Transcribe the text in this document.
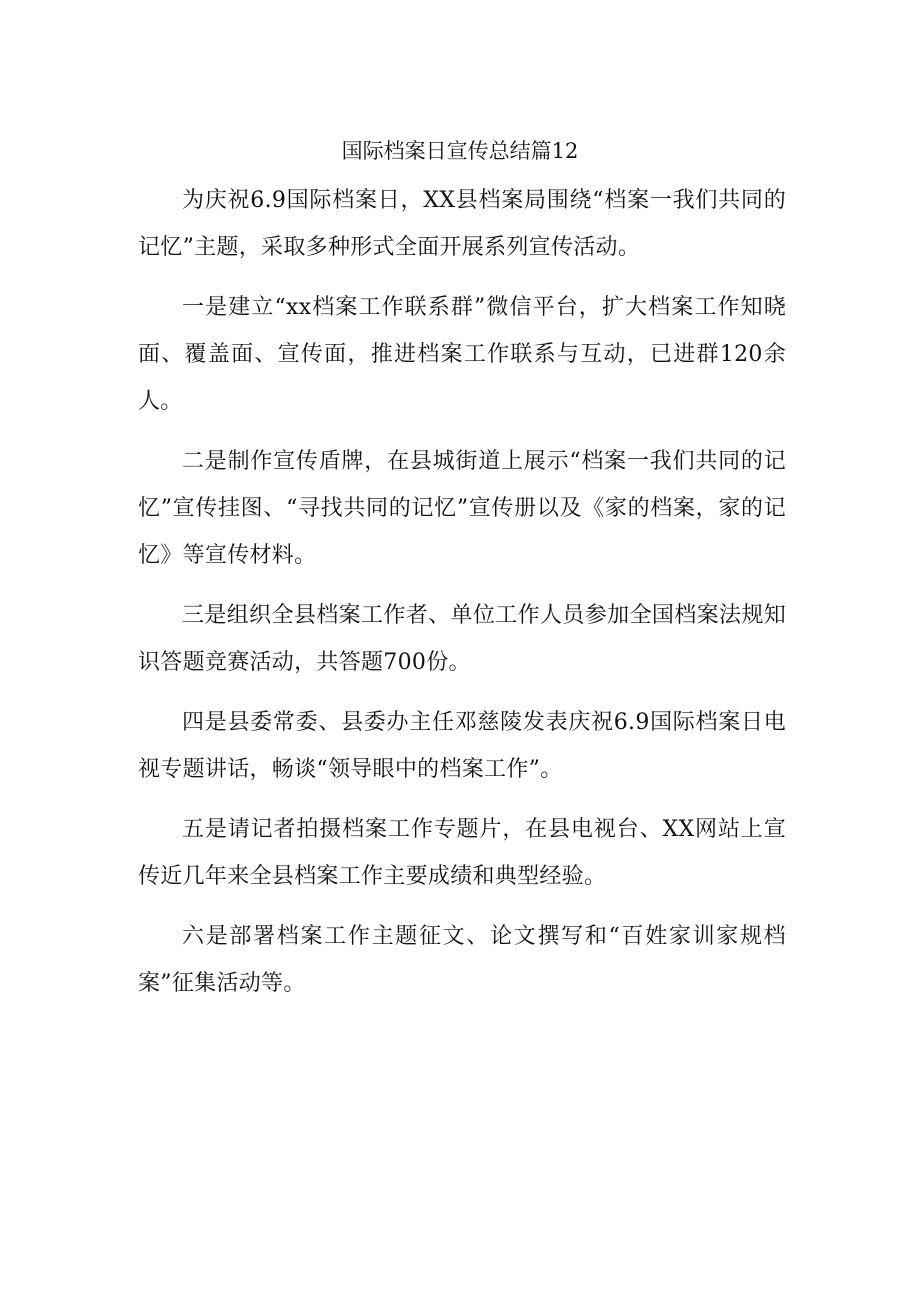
国际档案日宣传总结篇12

为庆祝6.9国际档案日，XX县档案局围绕“档案一我们共同的记忆”主题，采取多种形式全面开展系列宣传活动。

一是建立“xx档案工作联系群”微信平台，扩大档案工作知晓面、覆盖面、宣传面，推进档案工作联系与互动，已进群120余人。

二是制作宣传盾牌，在县城街道上展示“档案一我们共同的记忆”宣传挂图、“寻找共同的记忆”宣传册以及《家的档案，家的记忆》等宣传材料。

三是组织全县档案工作者、单位工作人员参加全国档案法规知识答题竞赛活动，共答题700份。

四是县委常委、县委办主任邓慈陵发表庆祝6.9国际档案日电视专题讲话，畅谈“领导眼中的档案工作”。

五是请记者拍摄档案工作专题片，在县电视台、XX网站上宣传近几年来全县档案工作主要成绩和典型经验。

六是部署档案工作主题征文、论文撰写和“百姓家训家规档案”征集活动等。
